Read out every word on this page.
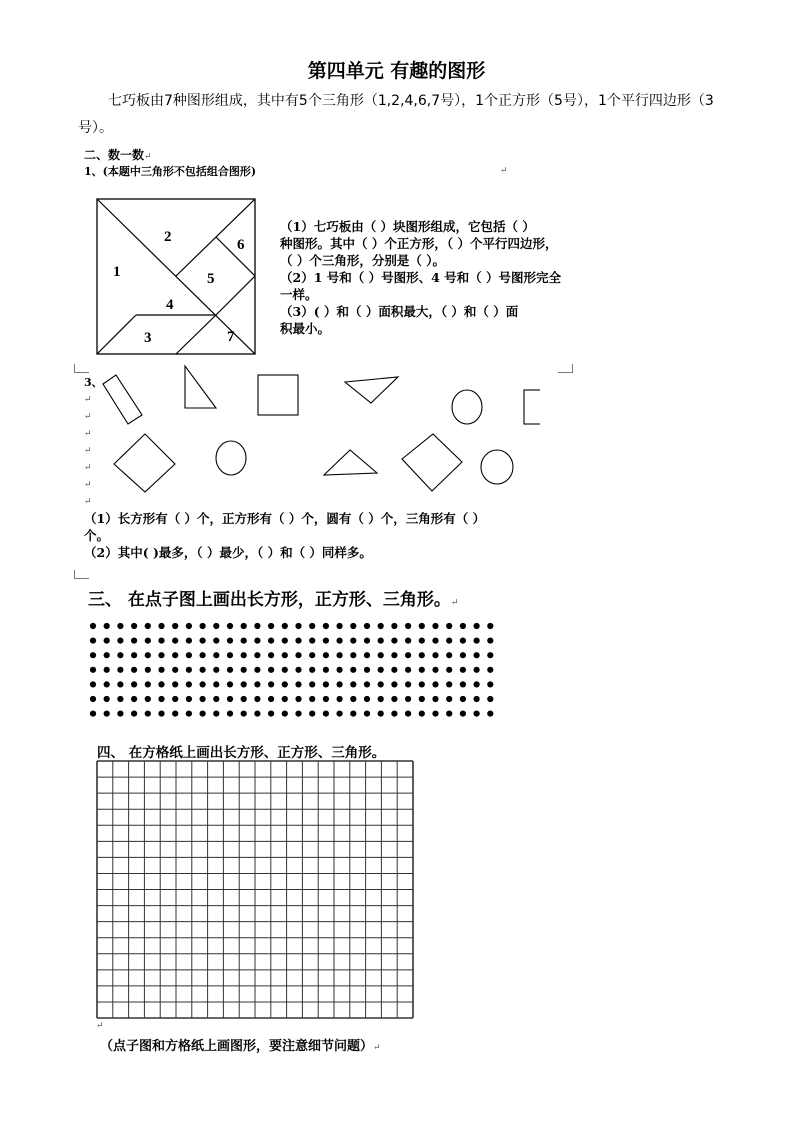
第四单元 有趣的图形
七巧板由7种图形组成，其中有5个三角形（1,2,4,6,7号），1个正方形（5号），1个平行四边形（3号）。
二、数一数↵
1、(本题中三角形不包括组合图形)	↵
1
2
3
4
5
6
7
（1）七巧板由（ ）块图形组成，它包括（ ）
种图形。其中（ ）个正方形，（ ）个平行四边形，
（ ）个三角形，分别是（ ）。
（2）1 号和（ ）号图形、4 号和（ ）号图形完全
一样。
（3）( ）和（ ）面积最大，（ ）和（ ）面
积最小。
3、
↵
↵
↵
↵
↵
↵
↵
（1）长方形有（ ）个，正方形有（ ）个，圆有（ ）个，三角形有（ ）
个。
（2）其中( )最多，（ ）最少，（ ）和（ ）同样多。
三、 在点子图上画出长方形，正方形、三角形。↵
四、 在方格纸上画出长方形、正方形、三角形。
↵
（点子图和方格纸上画图形，要注意细节问题）↵
